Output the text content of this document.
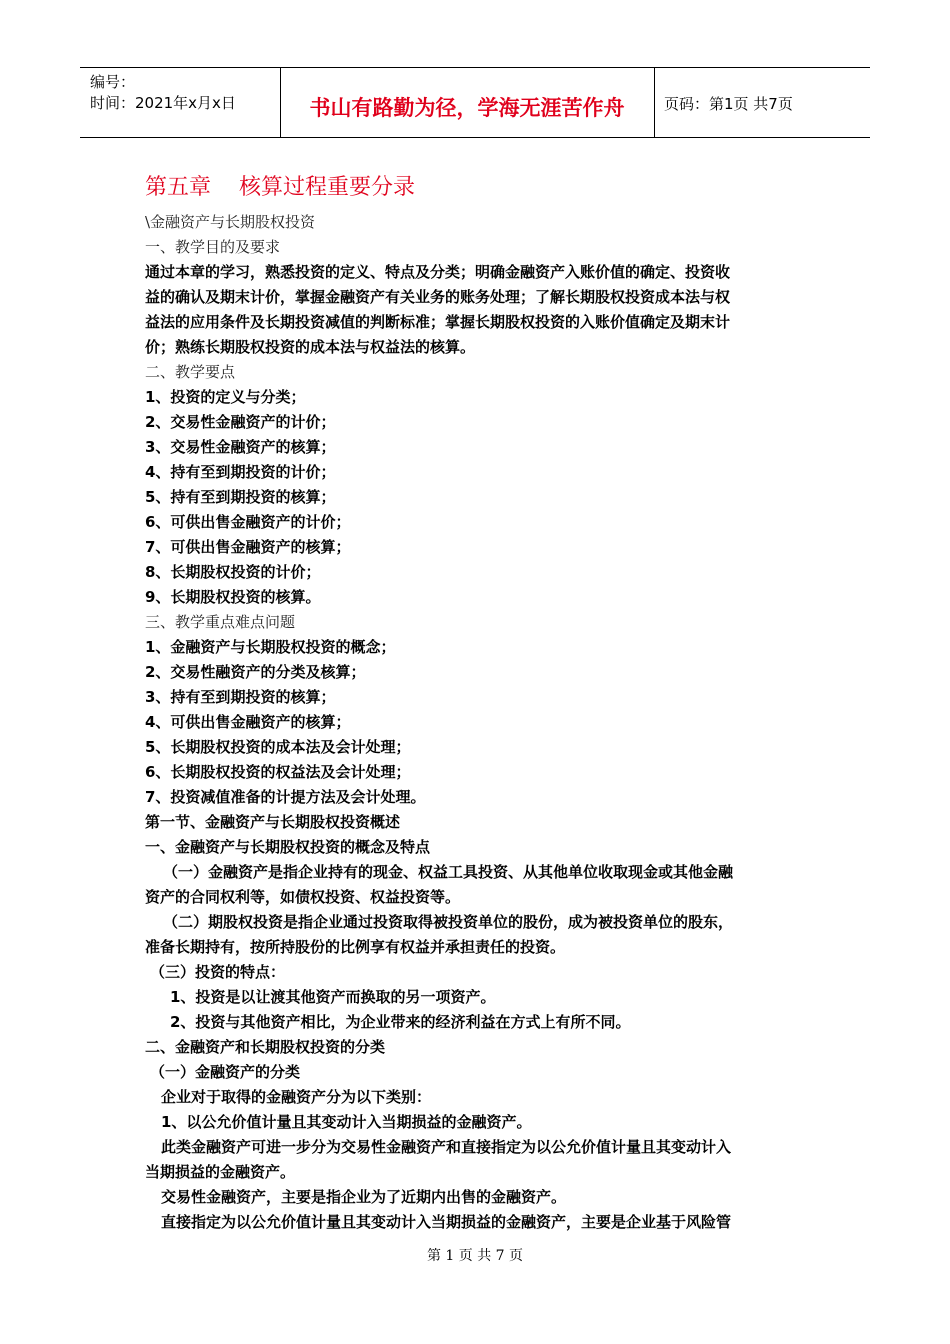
编号：
时间：2021年x月x日	书山有路勤为径，学海无涯苦作舟	页码：第1页 共7页
第五章    核算过程重要分录
\金融资产与长期股权投资
一、教学目的及要求
通过本章的学习，熟悉投资的定义、特点及分类；明确金融资产入账价值的确定、投资收
益的确认及期末计价，掌握金融资产有关业务的账务处理；了解长期股权投资成本法与权
益法的应用条件及长期投资减值的判断标准；掌握长期股权投资的入账价值确定及期末计
价；熟练长期股权投资的成本法与权益法的核算。
二、教学要点
1、投资的定义与分类；
2、交易性金融资产的计价；
3、交易性金融资产的核算；
4、持有至到期投资的计价；
5、持有至到期投资的核算；
6、可供出售金融资产的计价；
7、可供出售金融资产的核算；
8、长期股权投资的计价；
9、长期股权投资的核算。
三、教学重点难点问题
1、金融资产与长期股权投资的概念；
2、交易性融资产的分类及核算；
3、持有至到期投资的核算；
4、可供出售金融资产的核算；
5、长期股权投资的成本法及会计处理；
6、长期股权投资的权益法及会计处理；
7、投资减值准备的计提方法及会计处理。
第一节、金融资产与长期股权投资概述
一、金融资产与长期股权投资的概念及特点
（一）金融资产是指企业持有的现金、权益工具投资、从其他单位收取现金或其他金融
资产的合同权利等，如债权投资、权益投资等。
（二）期股权投资是指企业通过投资取得被投资单位的股份，成为被投资单位的股东，
准备长期持有，按所持股份的比例享有权益并承担责任的投资。
（三）投资的特点：
1、投资是以让渡其他资产而换取的另一项资产。
2、投资与其他资产相比，为企业带来的经济利益在方式上有所不同。
二、金融资产和长期股权投资的分类
（一）金融资产的分类
企业对于取得的金融资产分为以下类别：
1、以公允价值计量且其变动计入当期损益的金融资产。
此类金融资产可进一步分为交易性金融资产和直接指定为以公允价值计量且其变动计入
当期损益的金融资产。
交易性金融资产，主要是指企业为了近期内出售的金融资产。
直接指定为以公允价值计量且其变动计入当期损益的金融资产，主要是企业基于风险管
第 1 页 共 7 页
